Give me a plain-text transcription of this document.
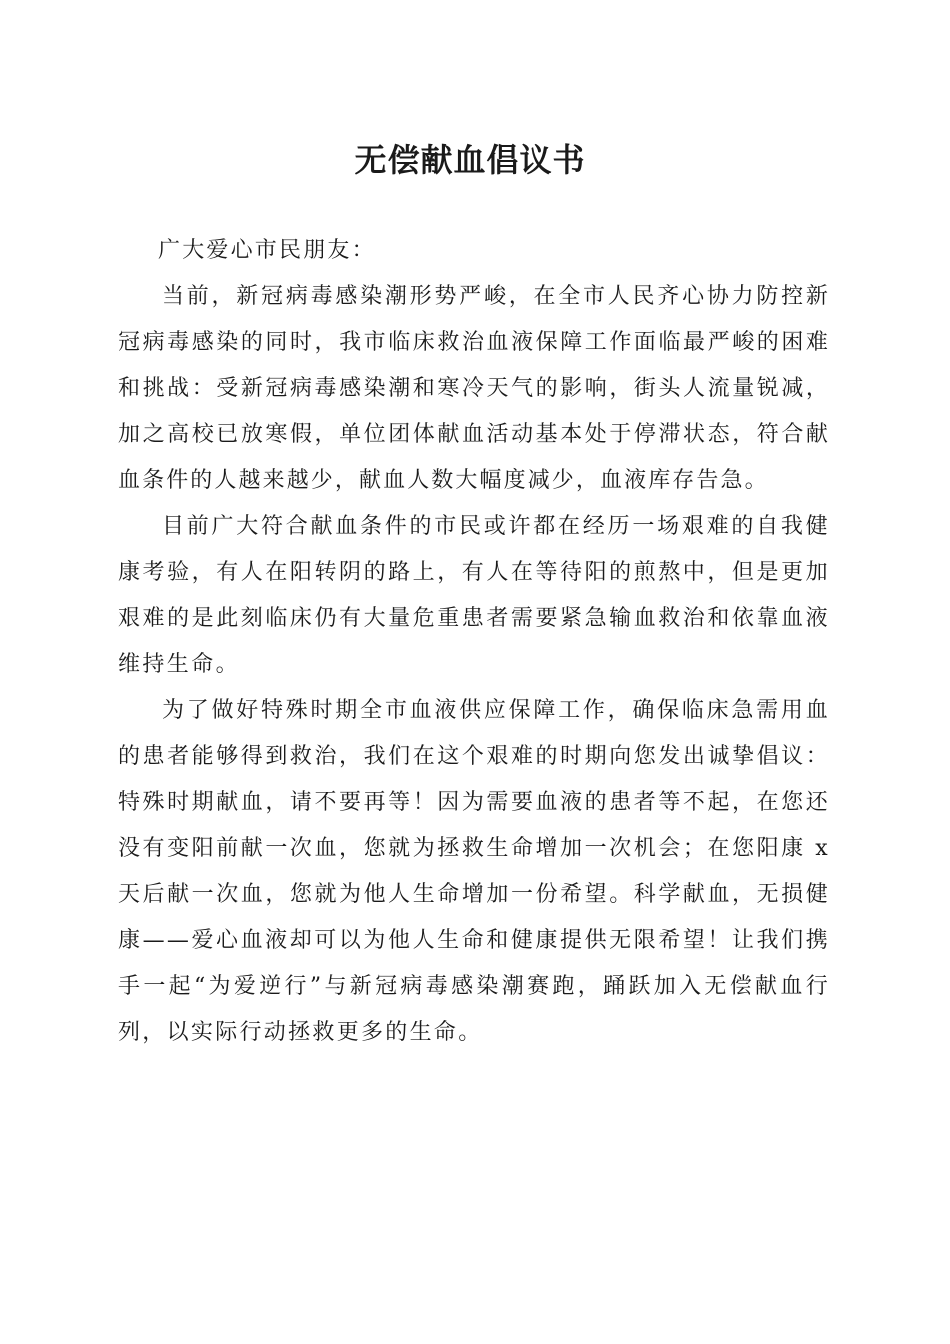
无偿献血倡议书

广大爱心市民朋友：

当前，新冠病毒感染潮形势严峻，在全市人民齐心协力防控新冠病毒感染的同时，我市临床救治血液保障工作面临最严峻的困难和挑战：受新冠病毒感染潮和寒冷天气的影响，街头人流量锐减，加之高校已放寒假，单位团体献血活动基本处于停滞状态，符合献血条件的人越来越少，献血人数大幅度减少，血液库存告急。

目前广大符合献血条件的市民或许都在经历一场艰难的自我健康考验，有人在阳转阴的路上，有人在等待阳的煎熬中，但是更加艰难的是此刻临床仍有大量危重患者需要紧急输血救治和依靠血液维持生命。

为了做好特殊时期全市血液供应保障工作，确保临床急需用血的患者能够得到救治，我们在这个艰难的时期向您发出诚挚倡议：特殊时期献血，请不要再等！因为需要血液的患者等不起，在您还没有变阳前献一次血，您就为拯救生命增加一次机会；在您阳康 x 天后献一次血，您就为他人生命增加一份希望。科学献血，无损健康——爱心血液却可以为他人生命和健康提供无限希望！让我们携手一起“为爱逆行”与新冠病毒感染潮赛跑，踊跃加入无偿献血行列，以实际行动拯救更多的生命。
